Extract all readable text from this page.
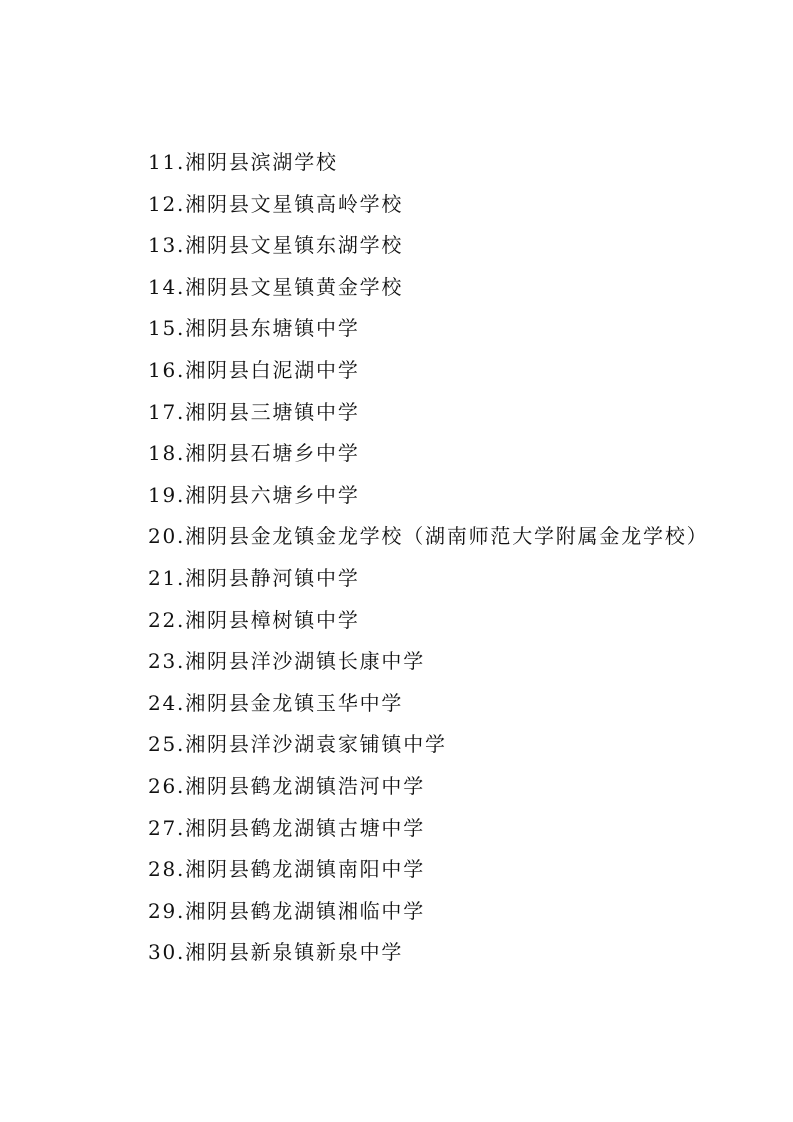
11.湘阴县滨湖学校
12.湘阴县文星镇高岭学校
13.湘阴县文星镇东湖学校
14.湘阴县文星镇黄金学校
15.湘阴县东塘镇中学
16.湘阴县白泥湖中学
17.湘阴县三塘镇中学
18.湘阴县石塘乡中学
19.湘阴县六塘乡中学
20.湘阴县金龙镇金龙学校（湖南师范大学附属金龙学校）
21.湘阴县静河镇中学
22.湘阴县樟树镇中学
23.湘阴县洋沙湖镇长康中学
24.湘阴县金龙镇玉华中学
25.湘阴县洋沙湖袁家铺镇中学
26.湘阴县鹤龙湖镇浩河中学
27.湘阴县鹤龙湖镇古塘中学
28.湘阴县鹤龙湖镇南阳中学
29.湘阴县鹤龙湖镇湘临中学
30.湘阴县新泉镇新泉中学
